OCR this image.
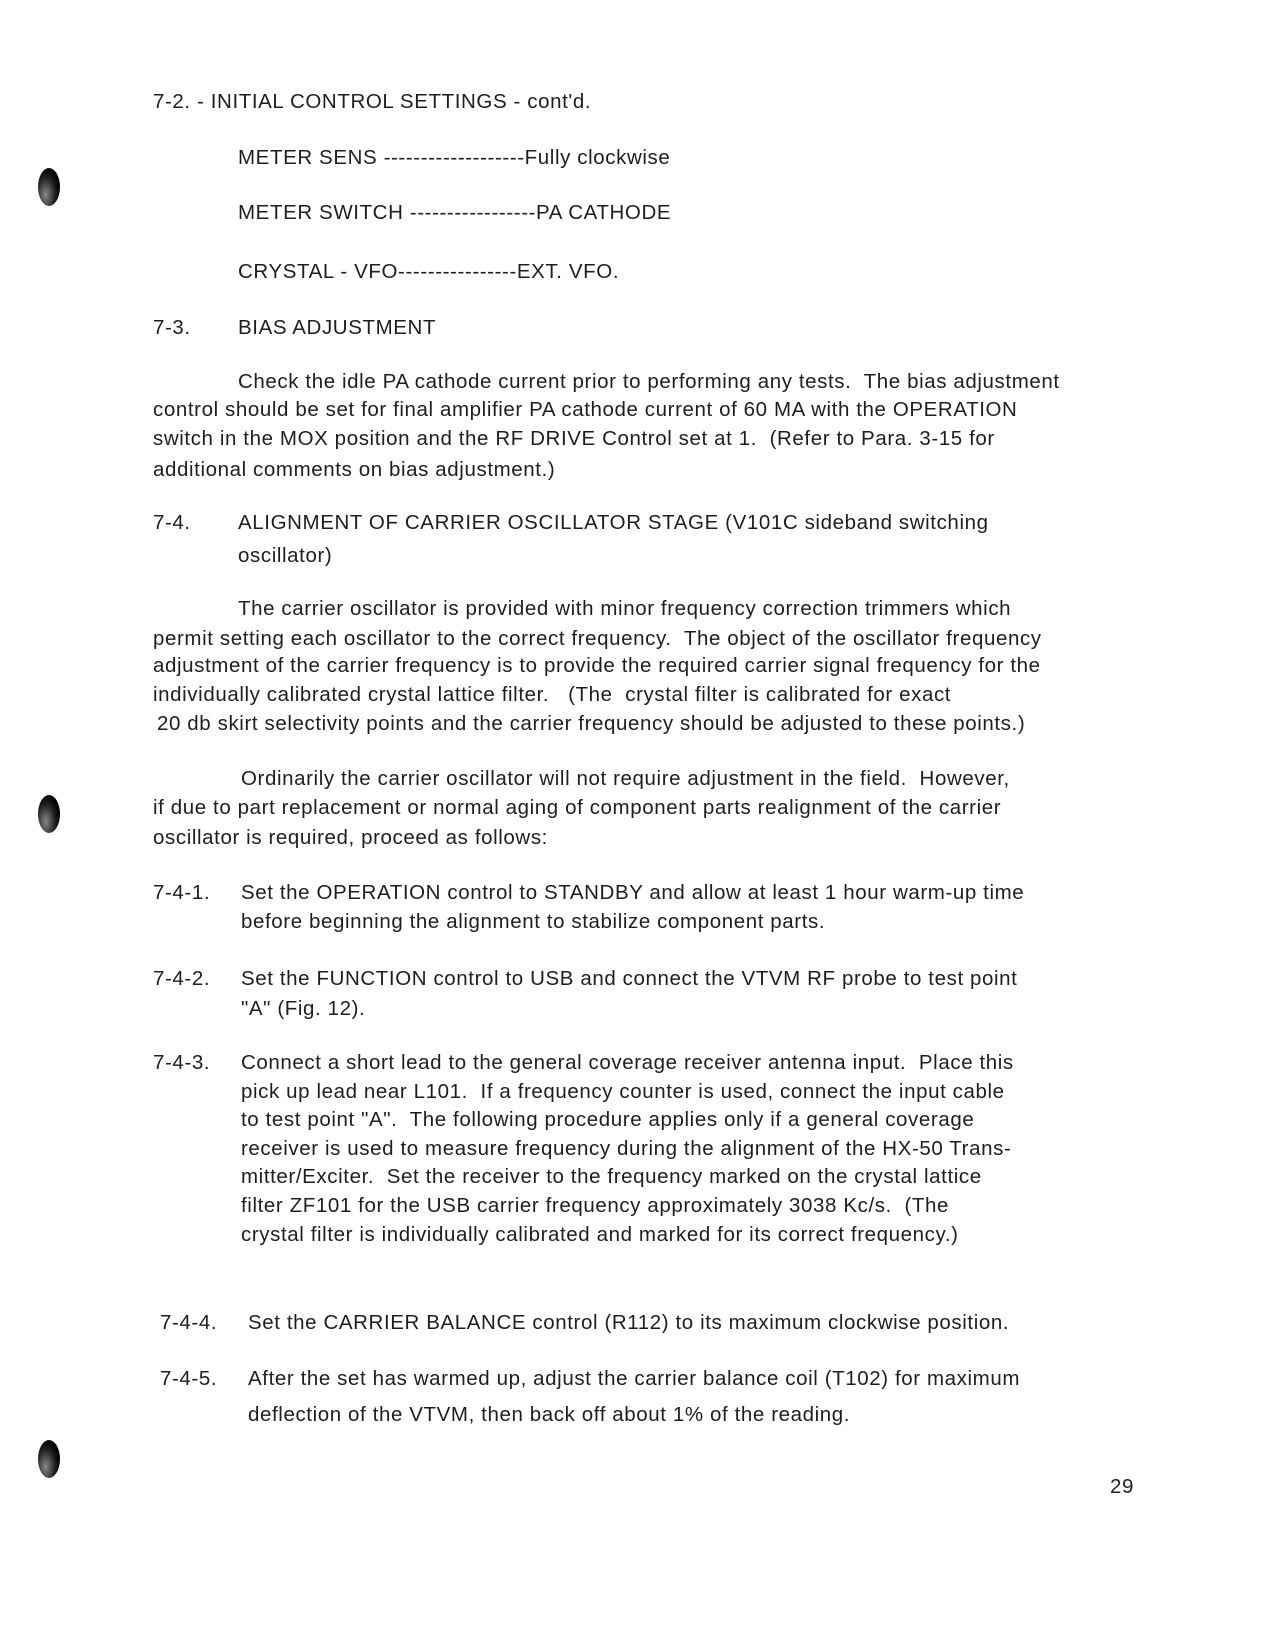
7-2. - INITIAL CONTROL SETTINGS - cont'd.
METER SENS -------------------Fully clockwise
METER SWITCH -----------------PA CATHODE
CRYSTAL - VFO----------------EXT. VFO.
7-3. BIAS ADJUSTMENT
Check the idle PA cathode current prior to performing any tests.  The bias adjustment
control should be set for final amplifier PA cathode current of 60 MA with the OPERATION
switch in the MOX position and the RF DRIVE Control set at 1.  (Refer to Para. 3-15 for
additional comments on bias adjustment.)
7-4. ALIGNMENT OF CARRIER OSCILLATOR STAGE (V101C sideband switching
oscillator)
The carrier oscillator is provided with minor frequency correction trimmers which
permit setting each oscillator to the correct frequency.  The object of the oscillator frequency
adjustment of the carrier frequency is to provide the required carrier signal frequency for the
individually calibrated crystal lattice filter.   (The  crystal filter is calibrated for exact
20 db skirt selectivity points and the carrier frequency should be adjusted to these points.)
Ordinarily the carrier oscillator will not require adjustment in the field.  However,
if due to part replacement or normal aging of component parts realignment of the carrier
oscillator is required, proceed as follows:
7-4-1. Set the OPERATION control to STANDBY and allow at least 1 hour warm-up time
before beginning the alignment to stabilize component parts.
7-4-2. Set the FUNCTION control to USB and connect the VTVM RF probe to test point
"A" (Fig. 12).
7-4-3. Connect a short lead to the general coverage receiver antenna input.  Place this
pick up lead near L101.  If a frequency counter is used, connect the input cable
to test point "A".  The following procedure applies only if a general coverage
receiver is used to measure frequency during the alignment of the HX-50 Trans-
mitter/Exciter.  Set the receiver to the frequency marked on the crystal lattice
filter ZF101 for the USB carrier frequency approximately 3038 Kc/s.  (The
crystal filter is individually calibrated and marked for its correct frequency.)
7-4-4. Set the CARRIER BALANCE control (R112) to its maximum clockwise position.
7-4-5. After the set has warmed up, adjust the carrier balance coil (T102) for maximum
deflection of the VTVM, then back off about 1% of the reading.
29
